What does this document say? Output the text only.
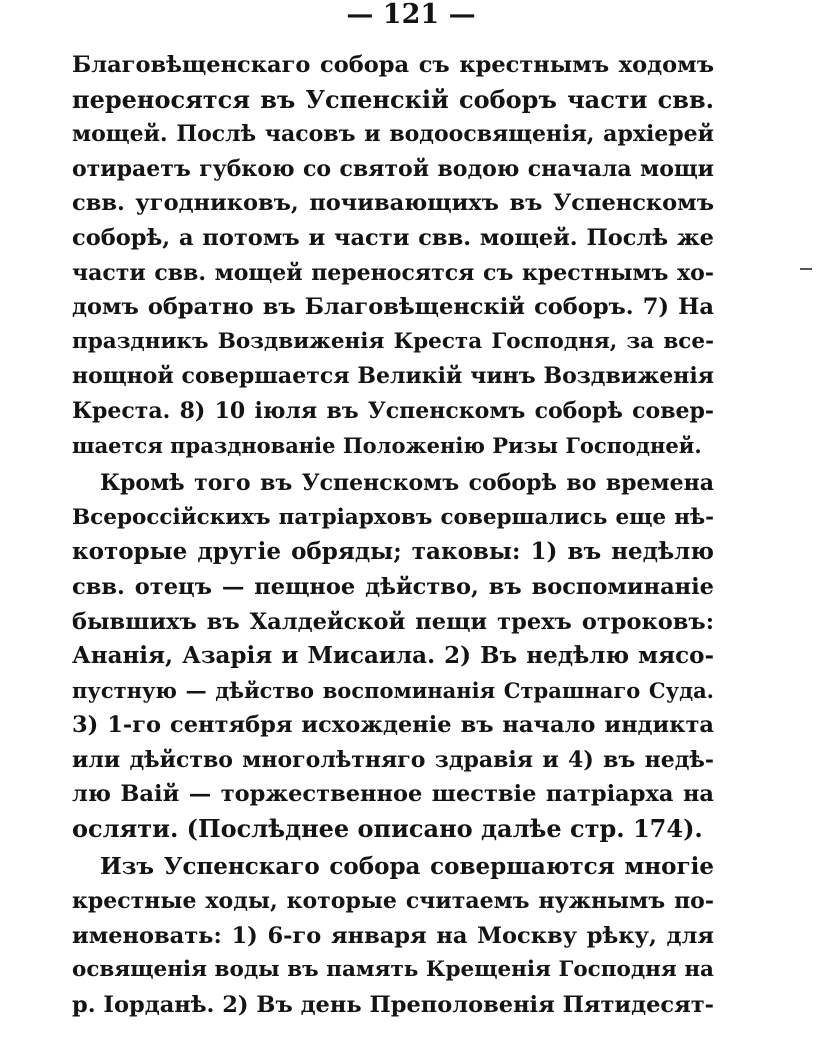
— 121 —

Благовѣщенскаго собора съ крестнымъ ходомъ
переносятся въ Успенскій соборъ части свв.
мощей. Послѣ часовъ и водоосвященія, архіерей
отираетъ губкою со святой водою сначала мощи
свв. угодниковъ, почивающихъ въ Успенскомъ
соборѣ, а потомъ и части свв. мощей. Послѣ же
части свв. мощей переносятся съ крестнымъ хо-
домъ обратно въ Благовѣщенскій соборъ. 7) На
праздникъ Воздвиженія Креста Господня, за все-
нощной совершается Великій чинъ Воздвиженія
Креста. 8) 10 іюля въ Успенскомъ соборѣ совер-
шается празднованіе Положенію Ризы Господней.

Кромѣ того въ Успенскомъ соборѣ во времена
Всероссійскихъ патріарховъ совершались еще нѣ-
которые другіе обряды; таковы: 1) въ недѣлю
свв. отецъ — пещное дѣйство, въ воспоминаніе
бывшихъ въ Халдейской пещи трехъ отроковъ:
Ананія, Азарія и Мисаила. 2) Въ недѣлю мясо-
пустную — дѣйство воспоминанія Страшнаго Суда.
3) 1-го сентября исхожденіе въ начало индикта
или дѣйство многолѣтняго здравія и 4) въ недѣ-
лю Ваій — торжественное шествіе патріарха на
осляти. (Послѣднее описано далѣе стр. 174).

Изъ Успенскаго собора совершаются многіе
крестные ходы, которые считаемъ нужнымъ по-
именовать: 1) 6-го января на Москву рѣку, для
освященія воды въ память Крещенія Господня на
р. Іорданѣ. 2) Въ день Преполовенія Пятидесят-
